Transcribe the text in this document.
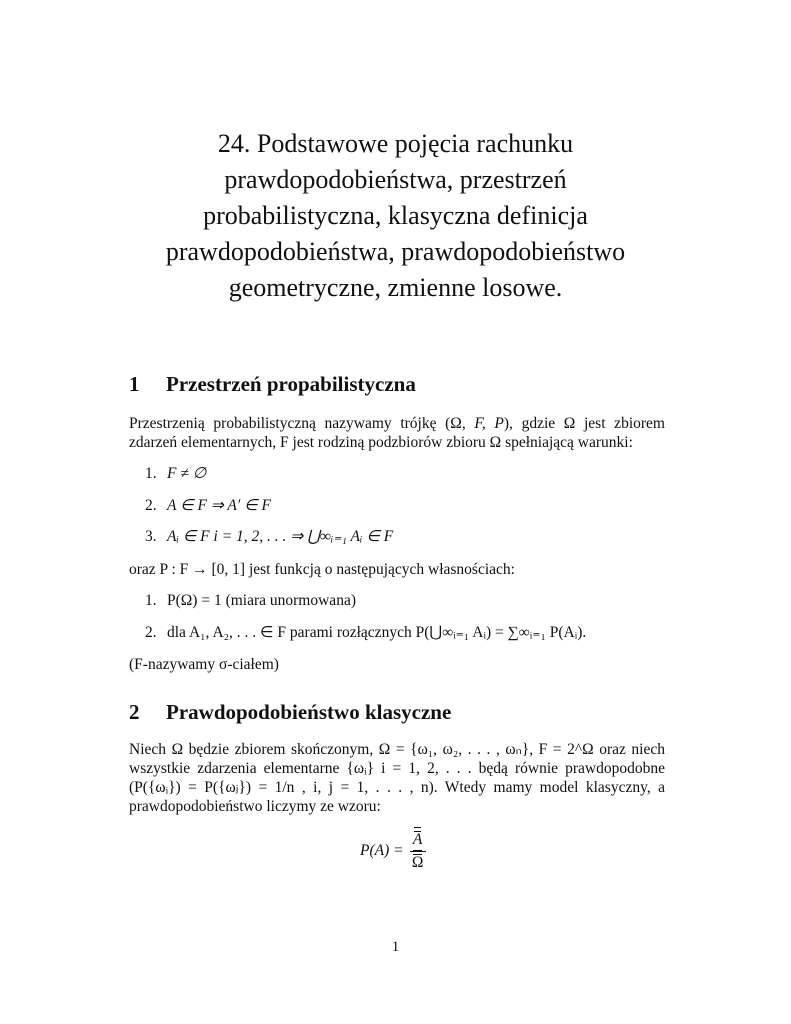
24. Podstawowe pojęcia rachunku
prawdopodobieństwa, przestrzeń
probabilistyczna, klasyczna definicja
prawdopodobieństwa, prawdopodobieństwo
geometryczne, zmienne losowe.
1 Przestrzeń propabilistyczna
Przestrzenią probabilistyczną nazywamy trójkę (Ω, F, P), gdzie Ω jest zbiorem zdarzeń elementarnych, F jest rodziną podzbiorów zbioru Ω spełniającą warunki:
1. F ≠ ∅
2. A ∈ F ⇒ A′ ∈ F
3. Aᵢ ∈ F i = 1, 2, . . . ⇒ ⋃∞ᵢ₌₁ Aᵢ ∈ F
oraz P : F → [0, 1] jest funkcją o następujących własnościach:
1. P(Ω) = 1 (miara unormowana)
2. dla A₁, A₂, . . . ∈ F parami rozłącznych P(⋃∞ᵢ₌₁ Aᵢ) = ∑∞ᵢ₌₁ P(Aᵢ).
(F-nazywamy σ-ciałem)
2 Prawdopodobieństwo klasyczne
Niech Ω będzie zbiorem skończonym, Ω = {ω₁, ω₂, . . . , ωₙ}, F = 2^Ω oraz niech wszystkie zdarzenia elementarne {ωᵢ} i = 1, 2, . . . będą równie prawdopodobne (P({ωᵢ}) = P({ωⱼ}) = 1/n , i, j = 1, . . . , n). Wtedy mamy model klasyczny, a prawdopodobieństwo liczymy ze wzoru:
$P(A) = \frac{A}{\Omega}$
1
